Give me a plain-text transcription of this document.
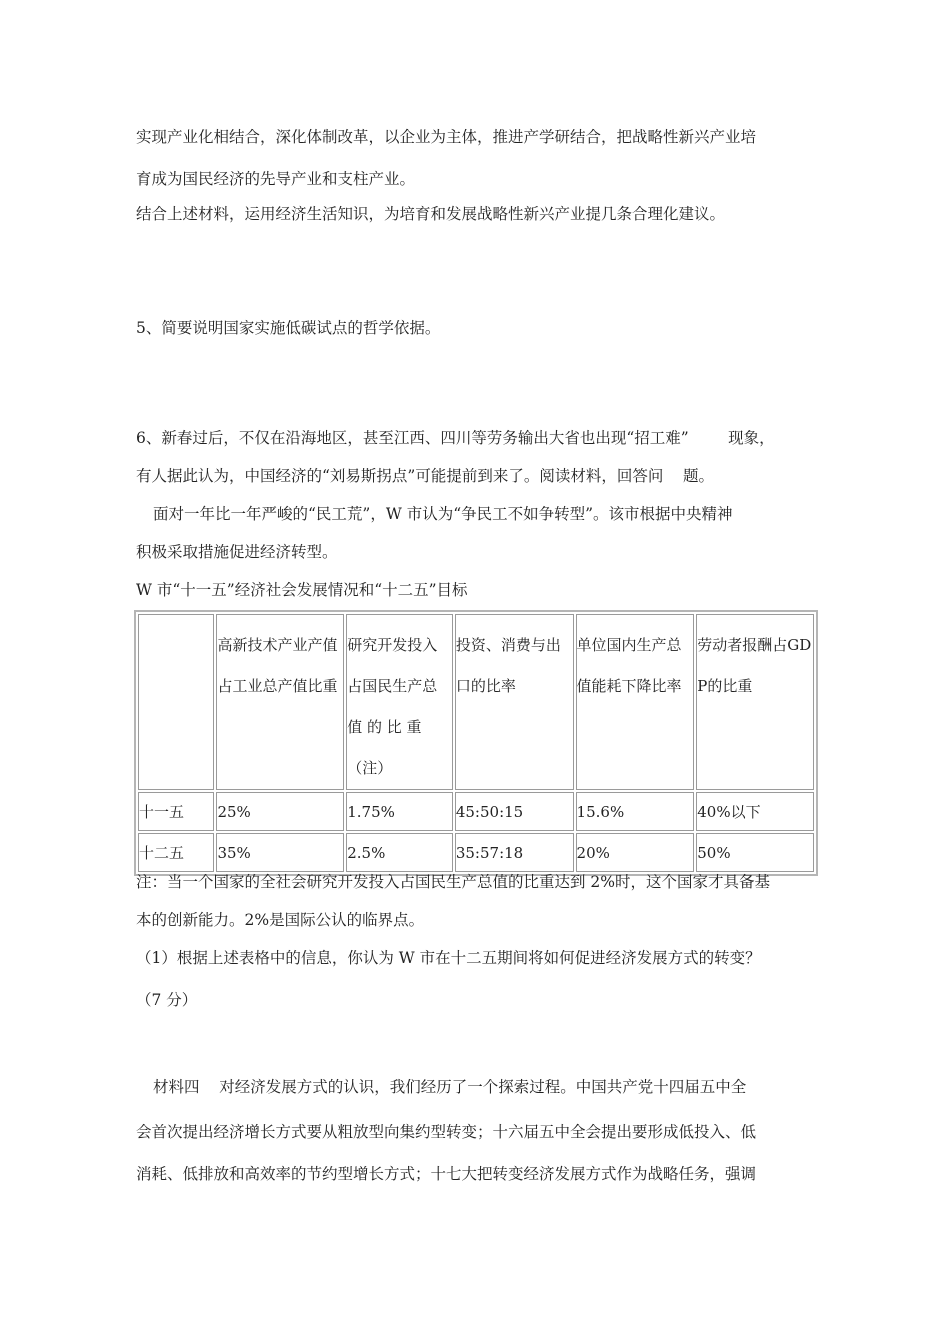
实现产业化相结合，深化体制改革，以企业为主体，推进产学研结合，把战略性新兴产业培
育成为国民经济的先导产业和支柱产业。
结合上述材料，运用经济生活知识，为培育和发展战略性新兴产业提几条合理化建议。
5、简要说明国家实施低碳试点的哲学依据。
6、新春过后，不仅在沿海地区，甚至江西、四川等劳务输出大省也出现“招工难”        现象，
有人据此认为，中国经济的“刘易斯拐点”可能提前到来了。阅读材料，回答问    题。
面对一年比一年严峻的“民工荒”，W 市认为“争民工不如争转型”。该市根据中央精神
积极采取措施促进经济转型。
W 市“十一五”经济社会发展情况和“十二五”目标

	高新技术产业产值占工业总产值比重	研究开发投入占国民生产总值 的 比 重（注）	投资、消费与出口的比率	单位国内生产总值能耗下降比率	劳动者报酬占GDP的比重

十一五	25%	1.75%	45:50:15	15.6%	40%以下
十二五	35%	2.5%	35:57:18	20%	50%
注：当一个国家的全社会研究开发投入占国民生产总值的比重达到 2%时，这个国家才具备基
本的创新能力。2%是国际公认的临界点。
（1）根据上述表格中的信息，你认为 W 市在十二五期间将如何促进经济发展方式的转变？
（7 分）
材料四    对经济发展方式的认识，我们经历了一个探索过程。中国共产党十四届五中全
会首次提出经济增长方式要从粗放型向集约型转变；十六届五中全会提出要形成低投入、低
消耗、低排放和高效率的节约型增长方式；十七大把转变经济发展方式作为战略任务，强调
